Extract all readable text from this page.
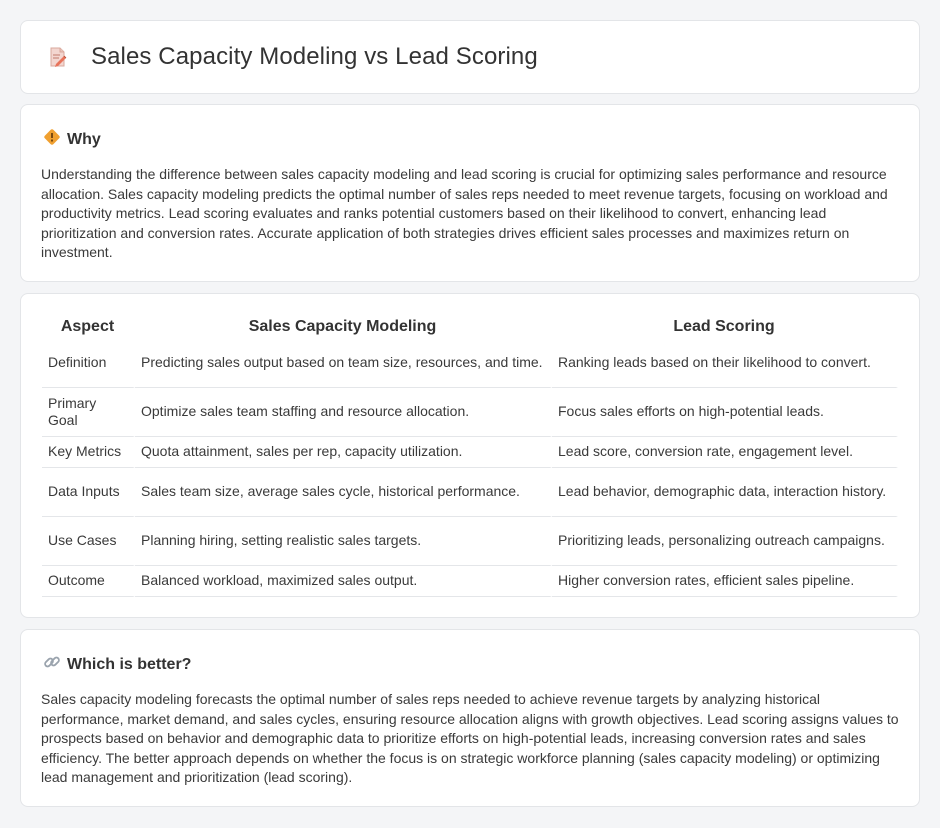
Sales Capacity Modeling vs Lead Scoring
Why

Understanding the difference between sales capacity modeling and lead scoring is crucial for optimizing sales performance and resource allocation. Sales capacity modeling predicts the optimal number of sales reps needed to meet revenue targets, focusing on workload and productivity metrics. Lead scoring evaluates and ranks potential customers based on their likelihood to convert, enhancing lead prioritization and conversion rates. Accurate application of both strategies drives efficient sales processes and maximizes return on investment.

Aspect	Sales Capacity Modeling	Lead Scoring
Definition	Predicting sales output based on team size, resources, and time.	Ranking leads based on their likelihood to convert.
Primary Goal	Optimize sales team staffing and resource allocation.	Focus sales efforts on high-potential leads.
Key Metrics	Quota attainment, sales per rep, capacity utilization.	Lead score, conversion rate, engagement level.
Data Inputs	Sales team size, average sales cycle, historical performance.	Lead behavior, demographic data, interaction history.
Use Cases	Planning hiring, setting realistic sales targets.	Prioritizing leads, personalizing outreach campaigns.
Outcome	Balanced workload, maximized sales output.	Higher conversion rates, efficient sales pipeline.
Which is better?

Sales capacity modeling forecasts the optimal number of sales reps needed to achieve revenue targets by analyzing historical performance, market demand, and sales cycles, ensuring resource allocation aligns with growth objectives. Lead scoring assigns values to prospects based on behavior and demographic data to prioritize efforts on high-potential leads, increasing conversion rates and sales efficiency. The better approach depends on whether the focus is on strategic workforce planning (sales capacity modeling) or optimizing lead management and prioritization (lead scoring).
